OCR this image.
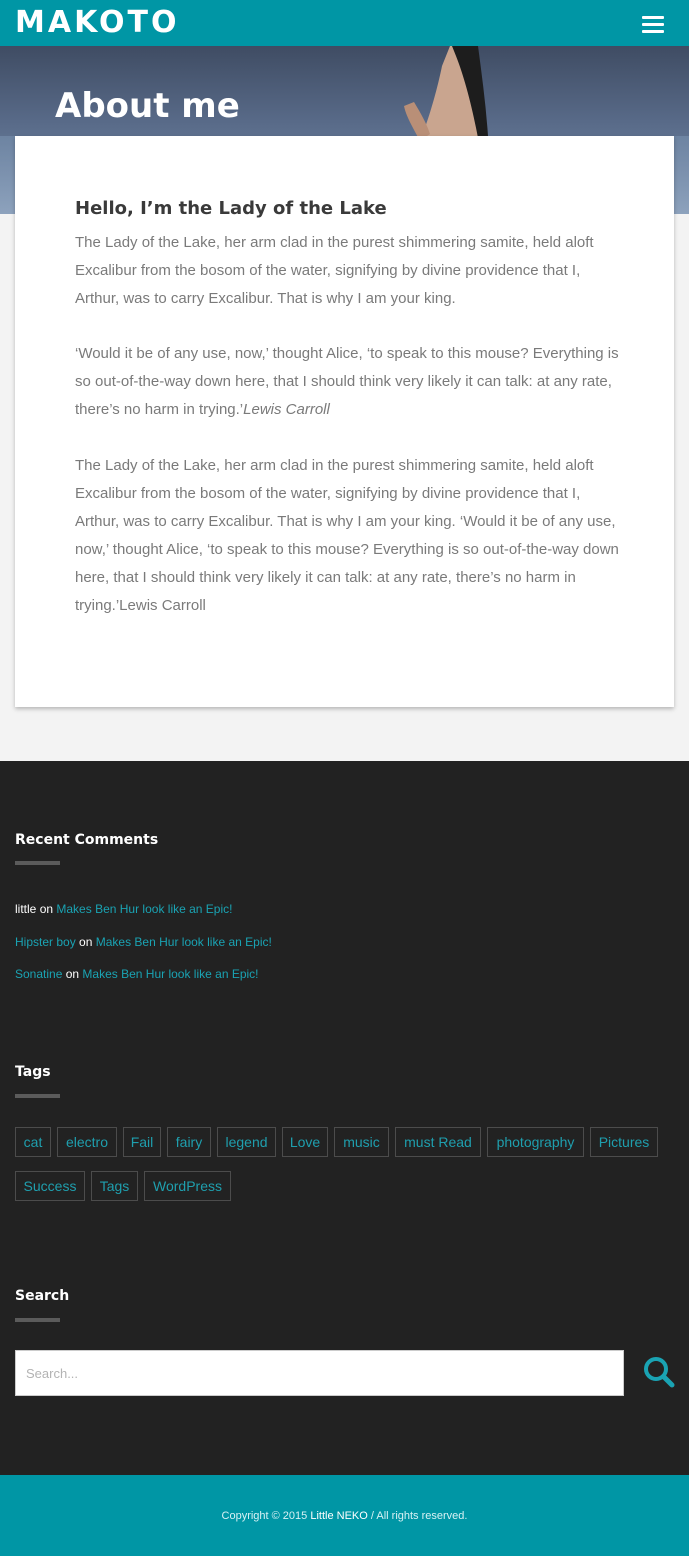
MAKOTO
About me
Hello, I’m the Lady of the Lake

The Lady of the Lake, her arm clad in the purest shimmering samite, held aloft Excalibur from the bosom of the water, signifying by divine providence that I, Arthur, was to carry Excalibur. That is why I am your king.

‘Would it be of any use, now,’ thought Alice, ‘to speak to this mouse? Everything is so out-of-the-way down here, that I should think very likely it can talk: at any rate, there’s no harm in trying.’Lewis Carroll

The Lady of the Lake, her arm clad in the purest shimmering samite, held aloft Excalibur from the bosom of the water, signifying by divine providence that I, Arthur, was to carry Excalibur. That is why I am your king. ‘Would it be of any use, now,’ thought Alice, ‘to speak to this mouse? Everything is so out-of-the-way down here, that I should think very likely it can talk: at any rate, there’s no harm in trying.’Lewis Carroll

Recent Comments
little on Makes Ben Hur look like an Epic!
Hipster boy on Makes Ben Hur look like an Epic!
Sonatine on Makes Ben Hur look like an Epic!
Tags
cat	electro	Fail	fairy	legend	Love	music	must Read	photography	Pictures
Success	Tags	WordPress
Search
Search...
Copyright © 2015 Little NEKO / All rights reserved.
